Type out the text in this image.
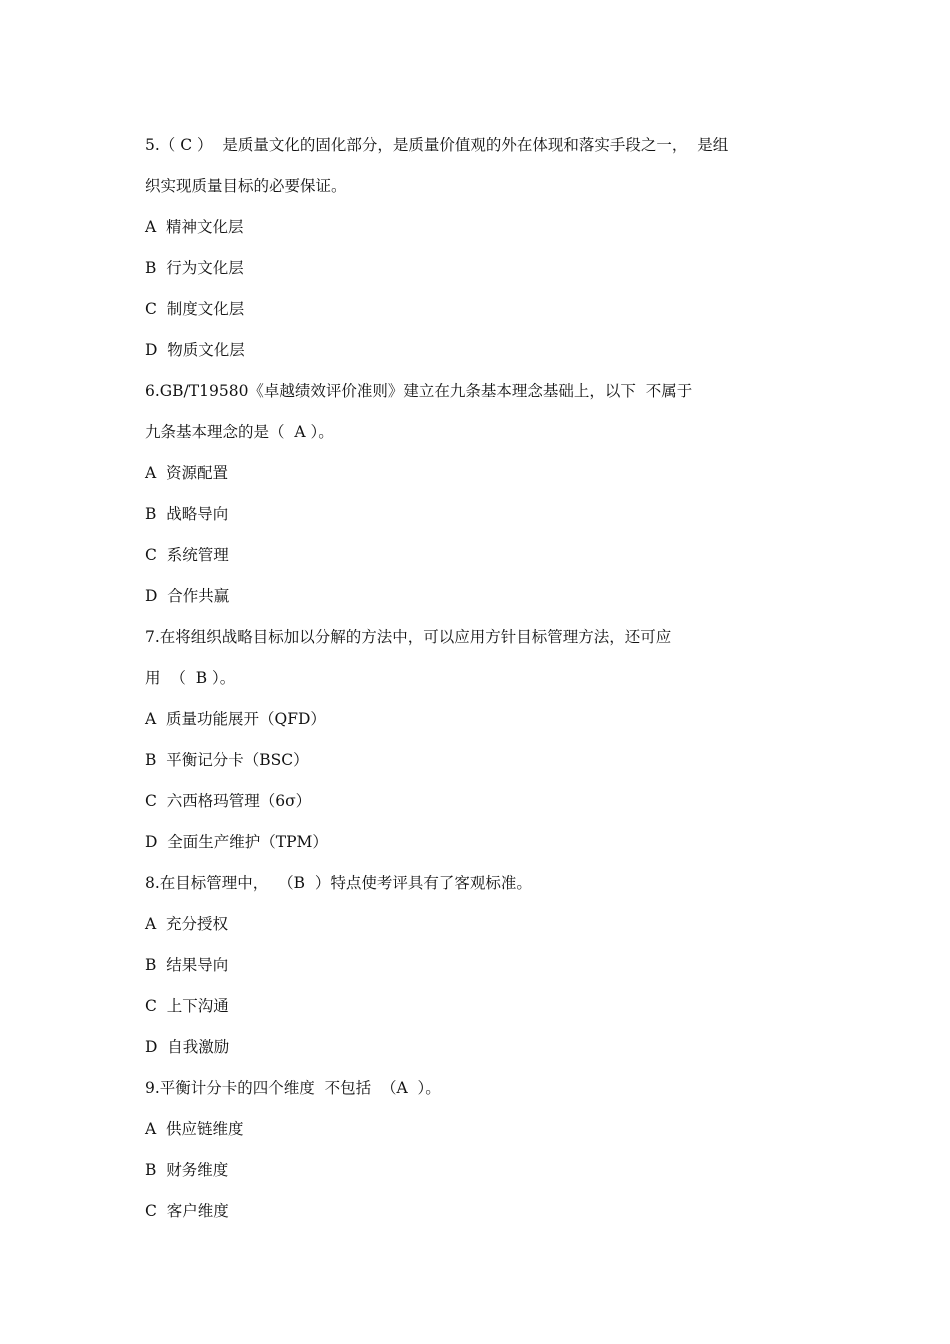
5.（ C ）  是质量文化的固化部分，是质量价值观的外在体现和落实手段之一，  是组

织实现质量目标的必要保证。

A  精神文化层

B  行为文化层

C  制度文化层

D  物质文化层

6.GB/T19580《卓越绩效评价准则》建立在九条基本理念基础上，以下  不属于

九条基本理念的是（  A ）。

A  资源配置

B  战略导向

C  系统管理

D  合作共赢

7.在将组织战略目标加以分解的方法中，可以应用方针目标管理方法，还可应

用  （  B ）。

A  质量功能展开（QFD）

B  平衡记分卡（BSC）

C  六西格玛管理（6σ）

D  全面生产维护（TPM）

8.在目标管理中，  （B  ）特点使考评具有了客观标准。

A  充分授权

B  结果导向

C  上下沟通

D  自我激励

9.平衡计分卡的四个维度  不包括  （A  ）。

A  供应链维度

B  财务维度

C  客户维度
